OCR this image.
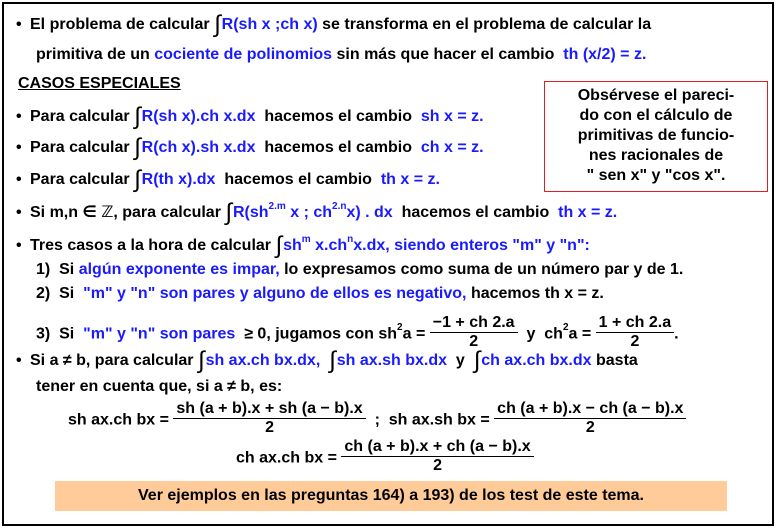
• El problema de calcular ∫R(sh x ;ch x) se transforma en el problema de calcular la
primitiva de un cociente de polinomios sin más que hacer el cambio th (x/2) = z.
CASOS ESPECIALES
• Para calcular ∫R(sh x).ch x.dx hacemos el cambio sh x = z.
• Para calcular ∫R(ch x).sh x.dx hacemos el cambio ch x = z.
• Para calcular ∫R(th x).dx hacemos el cambio th x = z.
Obsérvese el pareci-
do con el cálculo de
primitivas de funcio-
nes racionales de
" sen x" y "cos x".
• Si m,n ∈ ℤ, para calcular $\int R(sh^{2.m}$ x ; $ch^{2.n}x$) . dx hacemos el cambio th x = z.
• Tres casos a la hora de calcular $\int sh^m$ $x.ch^nx.dx$, siendo enteros "m" y "n":
1) Si algún exponente es impar, lo expresamos como suma de un número par y de 1.
2) Si "m" y "n" son pares y alguno de ellos es negativo, hacemos th x = z.
3) Si "m" y "n" son pares ≥ 0, jugamos con $sh^2a = \frac{-1 + ch 2.a}{2}$ y $ch^2a = \frac{1 + ch 2.a}{2}$ .
• Si a ≠ b, para calcular ∫sh ax.ch bx.dx, ∫sh ax.sh bx.dx y ∫ch ax.ch bx.dx basta
tener en cuenta que, si a ≠ b, es:
sh ax.ch bx = $\frac{sh (a + b).x + sh (a - b).x}{2}$ ; sh ax.sh bx = $\frac{ch (a + b).x - ch (a - b).x}{2}$
ch ax.ch bx = $\frac{ch (a + b).x + ch (a - b).x}{2}$
Ver ejemplos en las preguntas 164) a 193) de los test de este tema.
